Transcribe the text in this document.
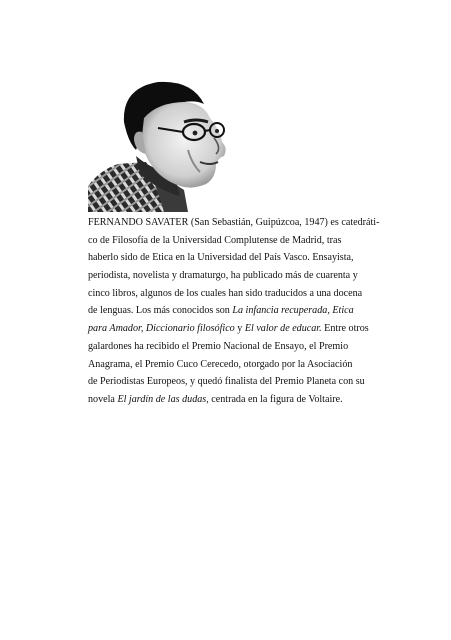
FERNANDO SAVATER (San Sebastián, Guipúzcoa, 1947) es catedráti-
co de Filosofía de la Universidad Complutense de Madrid, tras
haberlo sido de Etica en la Universidad del País Vasco. Ensayista,
periodista, novelista y dramaturgo, ha publicado más de cuarenta y
cinco libros, algunos de los cuales han sido traducidos a una docena
de lenguas. Los más conocidos son La infancia recuperada, Etica
para Amador, Diccionario filosófico y El valor de educar. Entre otros
galardones ha recibido el Premio Nacional de Ensayo, el Premio
Anagrama, el Premio Cuco Cerecedo, otorgado por la Asociación
de Periodistas Europeos, y quedó finalista del Premio Planeta con su
novela El jardín de las dudas, centrada en la figura de Voltaire.
